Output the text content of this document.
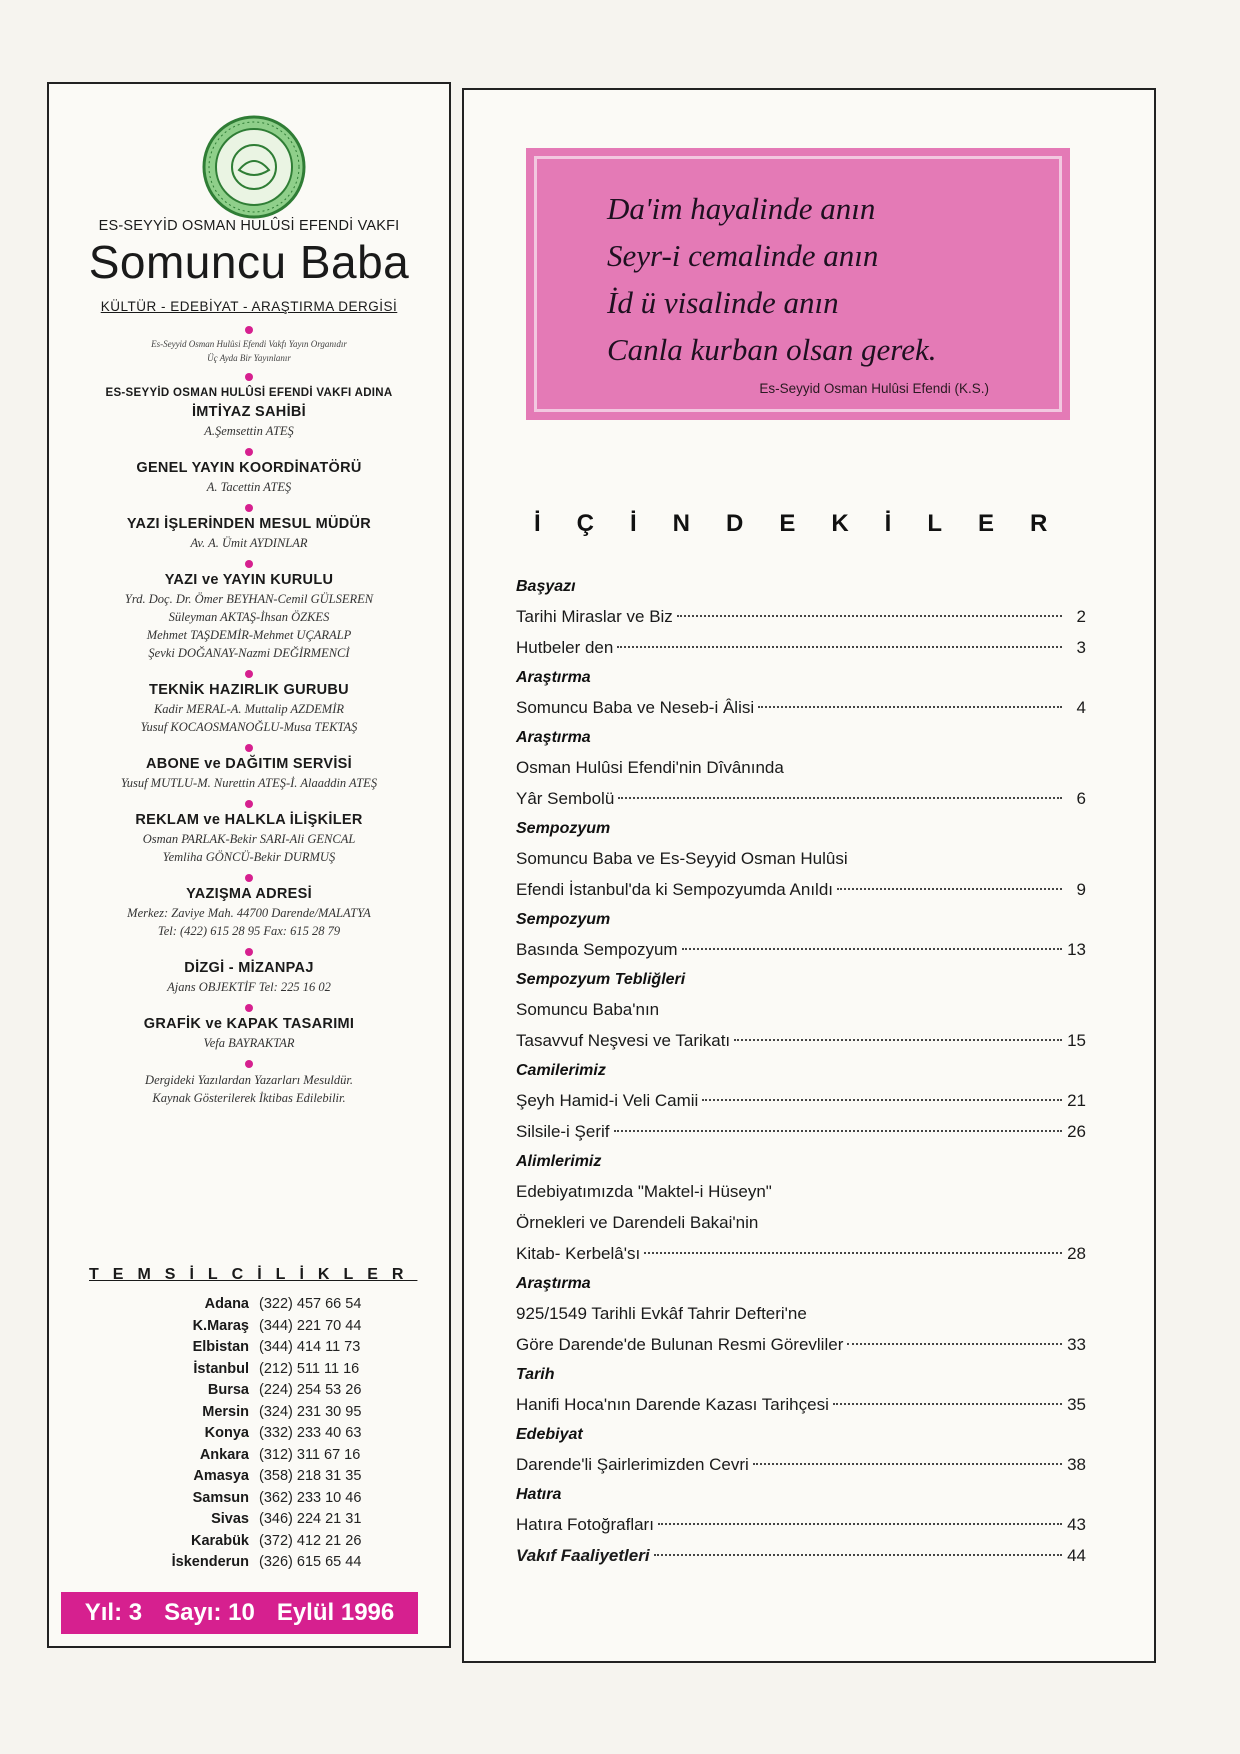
ES-SEYYİD OSMAN HULÛSİ EFENDİ VAKFI
Somuncu Baba
KÜLTÜR - EDEBİYAT - ARAŞTIRMA DERGİSİ
Es-Seyyid Osman Hulûsi Efendi Vakfı Yayın Organıdır
Üç Ayda Bir Yayınlanır
ES-SEYYİD OSMAN HULÛSİ EFENDİ VAKFI ADINA
İMTİYAZ SAHİBİ
A.Şemsettin ATEŞ
GENEL YAYIN KOORDİNATÖRÜ
A. Tacettin ATEŞ
YAZI İŞLERİNDEN MESUL MÜDÜR
Av. A. Ümit AYDINLAR
YAZI ve YAYIN KURULU
Yrd. Doç. Dr. Ömer BEYHAN-Cemil GÜLSEREN
Süleyman AKTAŞ-İhsan ÖZKES
Mehmet TAŞDEMİR-Mehmet UÇARALP
Şevki DOĞANAY-Nazmi DEĞİRMENCİ
TEKNİK HAZIRLIK GURUBU
Kadir MERAL-A. Muttalip AZDEMİR
Yusuf KOCAOSMANOĞLU-Musa TEKTAŞ
ABONE ve DAĞITIM SERVİSİ
Yusuf MUTLU-M. Nurettin ATEŞ-İ. Alaaddin ATEŞ
REKLAM ve HALKLA İLİŞKİLER
Osman PARLAK-Bekir SARI-Ali GENCAL
Yemliha GÖNCÜ-Bekir DURMUŞ
YAZIŞMA ADRESİ
Merkez: Zaviye Mah. 44700 Darende/MALATYA
Tel: (422) 615 28 95 Fax: 615 28 79
DİZGİ - MİZANPAJ
Ajans OBJEKTİF Tel: 225 16 02
GRAFİK ve KAPAK TASARIMI
Vefa BAYRAKTAR
Dergideki Yazılardan Yazarları Mesuldür.
Kaynak Gösterilerek İktibas Edilebilir.
TEMSİLCİLİKLER
Adana (322) 457 66 54
K.Maraş (344) 221 70 44
Elbistan (344) 414 11 73
İstanbul (212) 511 11 16
Bursa (224) 254 53 26
Mersin (324) 231 30 95
Konya (332) 233 40 63
Ankara (312) 311 67 16
Amasya (358) 218 31 35
Samsun (362) 233 10 46
Sivas (346) 224 21 31
Karabük (372) 412 21 26
İskenderun (326) 615 65 44
Yıl: 3 Sayı: 10 Eylül 1996
Da'im hayalinde anın
Seyr-i cemalinde anın
İd ü visalinde anın
Canla kurban olsan gerek.
Es-Seyyid Osman Hulûsi Efendi (K.S.)
İÇİNDEKİLER
Başyazı
Tarihi Miraslar ve Biz	2
Hutbeler den	3
Araştırma
Somuncu Baba ve Neseb-i Âlisi	4
Araştırma
Osman Hulûsi Efendi'nin Dîvânında
Yâr Sembolü	6
Sempozyum
Somuncu Baba ve Es-Seyyid Osman Hulûsi
Efendi İstanbul'da ki Sempozyumda Anıldı	9
Sempozyum
Basında Sempozyum	13
Sempozyum Tebliğleri
Somuncu Baba'nın
Tasavvuf Neşvesi ve Tarikatı	15
Camilerimiz
Şeyh Hamid-i Veli Camii	21
Silsile-i Şerif	26
Alimlerimiz
Edebiyatımızda "Maktel-i Hüseyn"
Örnekleri ve Darendeli Bakai'nin
Kitab- Kerbelâ'sı	28
Araştırma
925/1549 Tarihli Evkâf Tahrir Defteri'ne
Göre Darende'de Bulunan Resmi Görevliler	33
Tarih
Hanifi Hoca'nın Darende Kazası Tarihçesi	35
Edebiyat
Darende'li Şairlerimizden Cevri	38
Hatıra
Hatıra Fotoğrafları	43
Vakıf Faaliyetleri	44
